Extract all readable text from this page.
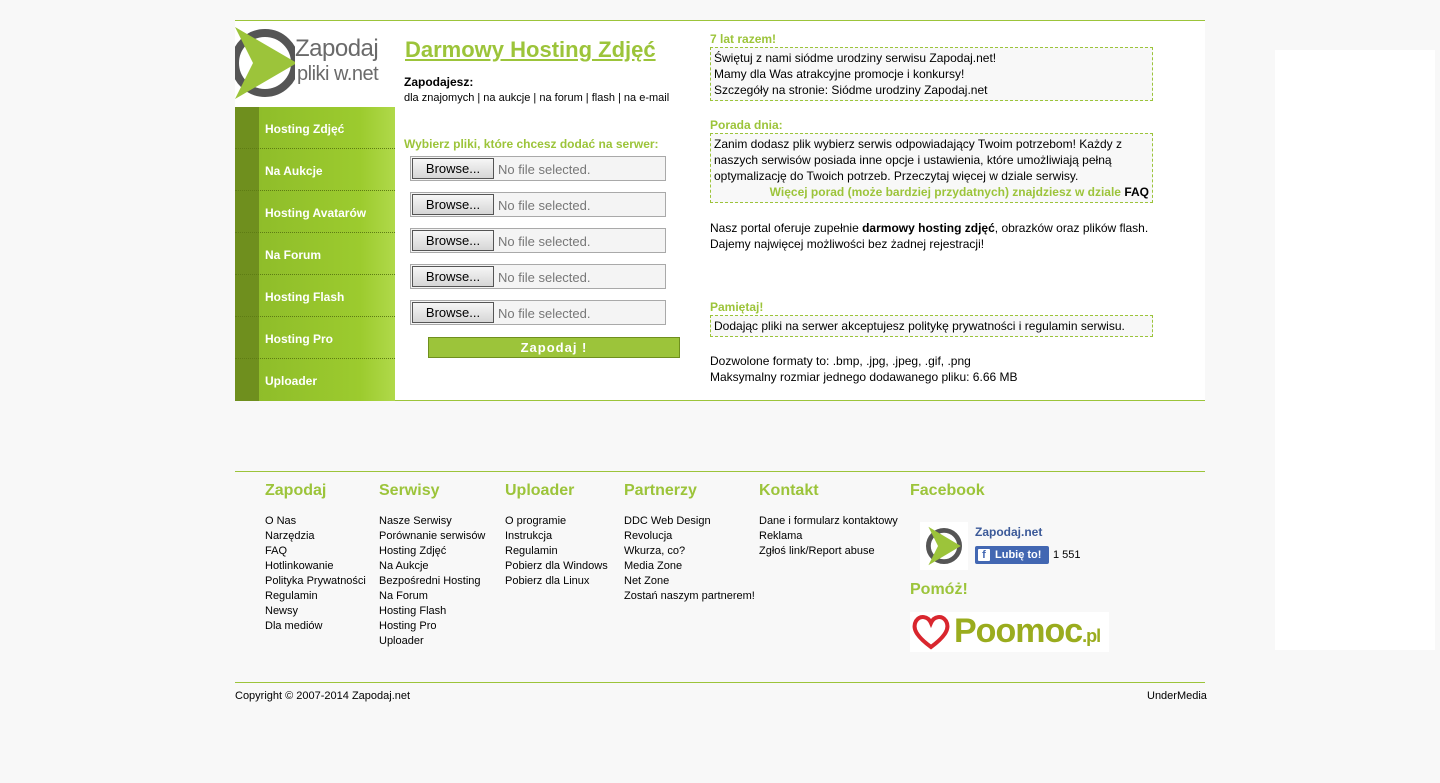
Zapodaj
pliki w.net
Hosting Zdjęć
Na Aukcje
Hosting Avatarów
Na Forum
Hosting Flash
Hosting Pro
Uploader
Darmowy Hosting Zdjęć
Zapodajesz:
dla znajomych | na aukcje | na forum | flash | na e-mail
Wybierz pliki, które chcesz dodać na serwer:
Browse...	No file selected.
Browse...	No file selected.
Browse...	No file selected.
Browse...	No file selected.
Browse...	No file selected.
Zapodaj !
7 lat razem!
Świętuj z nami siódme urodziny serwisu Zapodaj.net!
Mamy dla Was atrakcyjne promocje i konkursy!
Szczegóły na stronie: Siódme urodziny Zapodaj.net
Porada dnia:
Zanim dodasz plik wybierz serwis odpowiadający Twoim potrzebom! Każdy z naszych serwisów posiada inne opcje i ustawienia, które umożliwiają pełną optymalizację do Twoich potrzeb. Przeczytaj więcej w dziale serwisy.
Więcej porad (może bardziej przydatnych) znajdziesz w dziale FAQ
Nasz portal oferuje zupełnie darmowy hosting zdjęć, obrazków oraz plików flash.
Dajemy najwięcej możliwości bez żadnej rejestracji!
Pamiętaj!
Dodając pliki na serwer akceptujesz politykę prywatności i regulamin serwisu.
Dozwolone formaty to: .bmp, .jpg, .jpeg, .gif, .png
Maksymalny rozmiar jednego dodawanego pliku: 6.66 MB
Zapodaj
O Nas
Narzędzia
FAQ
Hotlinkowanie
Polityka Prywatności
Regulamin
Newsy
Dla mediów
Serwisy
Nasze Serwisy
Porównanie serwisów
Hosting Zdjęć
Na Aukcje
Bezpośredni Hosting
Na Forum
Hosting Flash
Hosting Pro
Uploader
Uploader
O programie
Instrukcja
Regulamin
Pobierz dla Windows
Pobierz dla Linux
Partnerzy
DDC Web Design
Revolucja
Wkurza, co?
Media Zone
Net Zone
Zostań naszym partnerem!
Kontakt
Dane i formularz kontaktowy
Reklama
Zgłoś link/Report abuse
Facebook
Zapodaj.net
f Lubię to!	1 551
Pomóż!
Poomoc.pl
Copyright © 2007-2014 Zapodaj.net	UnderMedia
